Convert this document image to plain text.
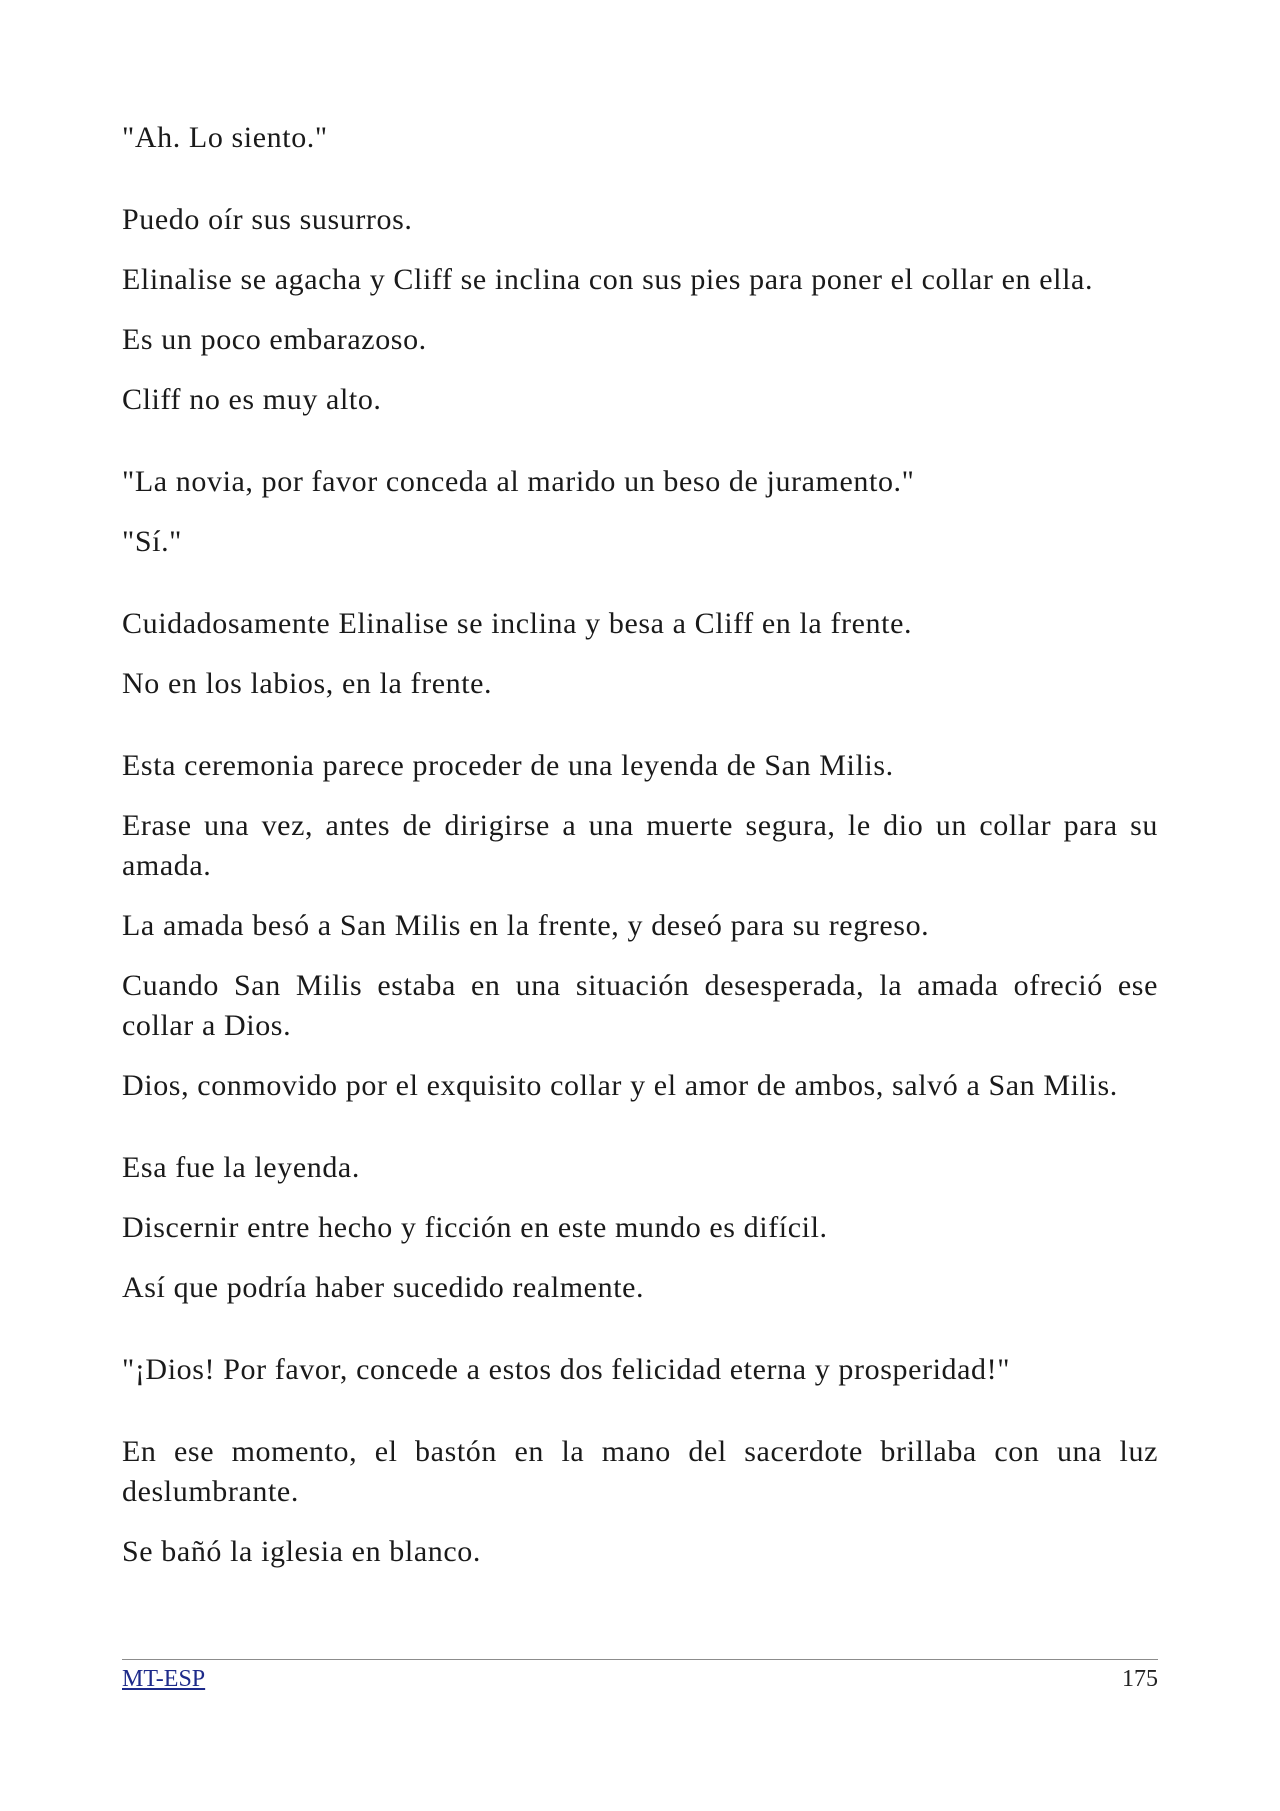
"Ah. Lo siento."

Puedo oír sus susurros.

Elinalise se agacha y Cliff se inclina con sus pies para poner el collar en ella.

Es un poco embarazoso.

Cliff no es muy alto.

"La novia, por favor conceda al marido un beso de juramento."

"Sí."

Cuidadosamente Elinalise se inclina y besa a Cliff en la frente.

No en los labios, en la frente.

Esta ceremonia parece proceder de una leyenda de San Milis.

Erase una vez, antes de dirigirse a una muerte segura, le dio un collar para su amada.

La amada besó a San Milis en la frente, y deseó para su regreso.

Cuando San Milis estaba en una situación desesperada, la amada ofreció ese collar a Dios.

Dios, conmovido por el exquisito collar y el amor de ambos, salvó a San Milis.

Esa fue la leyenda.

Discernir entre hecho y ficción en este mundo es difícil.

Así que podría haber sucedido realmente.

"¡Dios! Por favor, concede a estos dos felicidad eterna y prosperidad!"

En ese momento, el bastón en la mano del sacerdote brillaba con una luz deslumbrante.

Se bañó la iglesia en blanco.

MT-ESP	175
